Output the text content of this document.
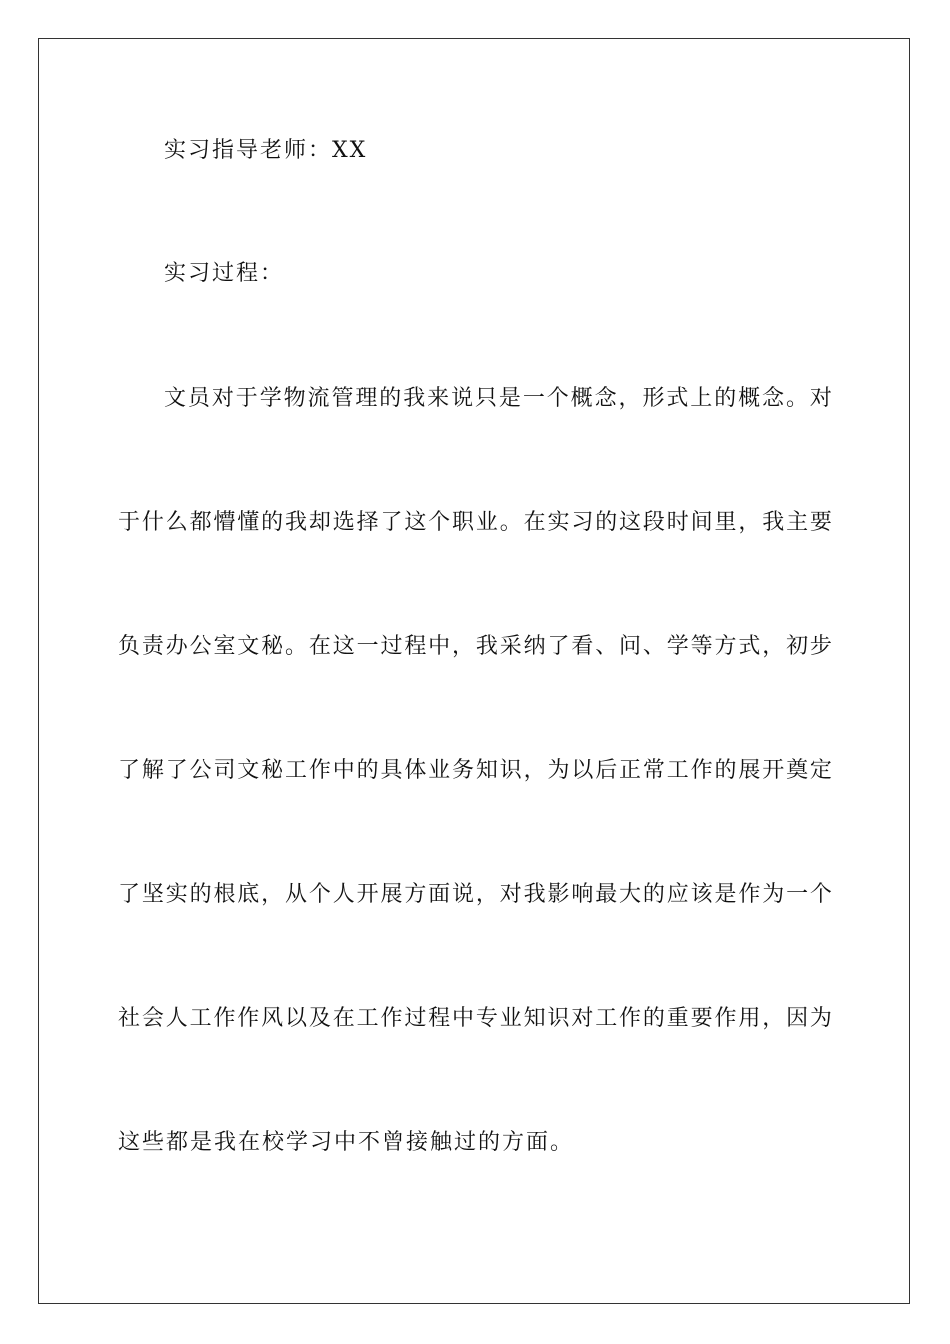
实习指导老师：XX
实习过程：
文 员 对 于 学 物 流 管 理 的 我 来 说 只 是 一 个 概 念 ， 形 式 上 的 概 念 。 对
于 什 么 都 懵 懂 的 我 却 选 择 了 这 个 职 业 。 在 实 习 的 这 段 时 间 里 ， 我 主 要
负 责 办 公 室 文 秘 。 在 这 一 过 程 中 ， 我 采 纳 了 看 、 问 、 学 等 方 式 ， 初 步
了 解 了 公 司 文 秘 工 作 中 的 具 体 业 务 知 识 ， 为 以 后 正 常 工 作 的 展 开 奠 定
了 坚 实 的 根 底 ， 从 个 人 开 展 方 面 说 ， 对 我 影 响 最 大 的 应 该 是 作 为 一 个
社 会 人 工 作 作 风 以 及 在 工 作 过 程 中 专 业 知 识 对 工 作 的 重 要 作 用 ， 因 为
这些都是我在校学习中不曾接触过的方面。
